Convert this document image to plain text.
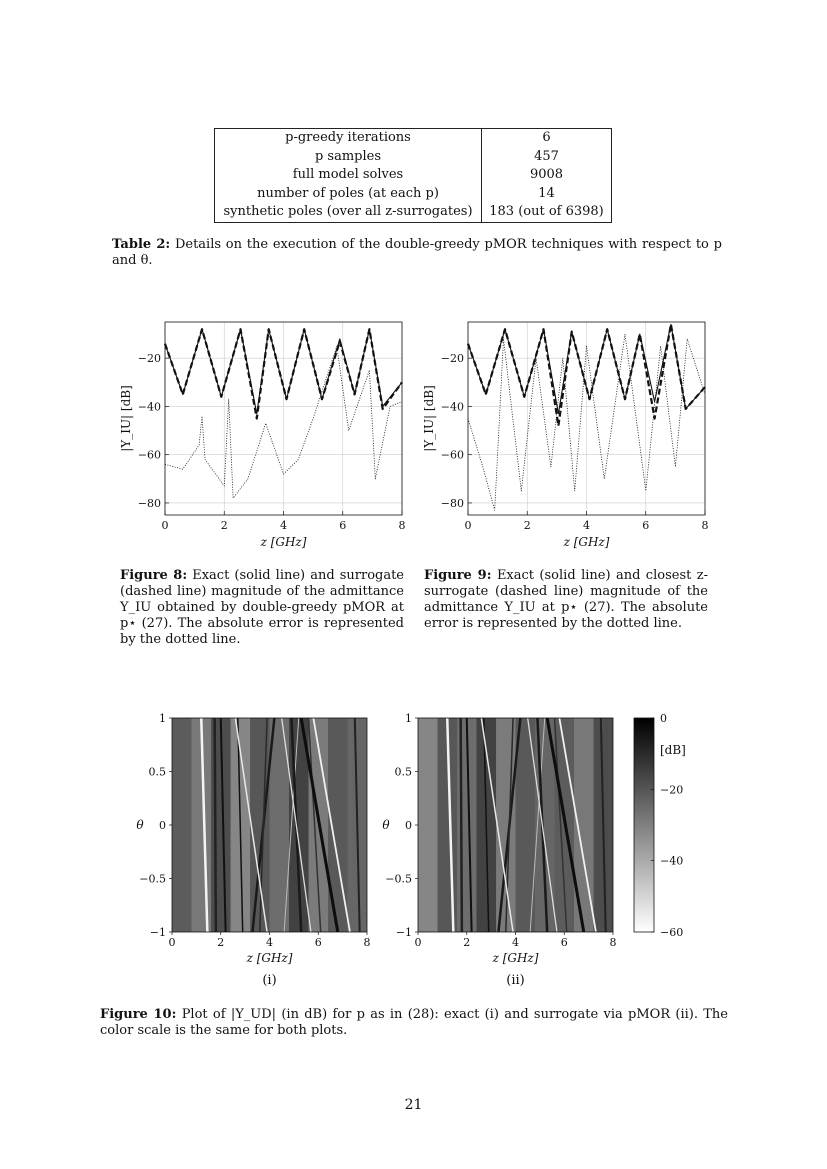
p-greedy iterations	6
p samples	457
full model solves	9008
number of poles (at each p)	14
synthetic poles (over all z-surrogates)	183 (out of 6398)
Table 2: Details on the execution of the double-greedy pMOR techniques with respect to p and θ.
0	2	4	6	8
−80
−60
−40
−20
z [GHz]
|Y_IU| [dB]
0	2	4	6	8
−80
−60
−40
−20
z [GHz]
|Y_IU| [dB]
Figure 8: Exact (solid line) and surrogate (dashed line) magnitude of the admittance Y_IU obtained by double-greedy pMOR at p⋆ (27). The absolute error is represented by the dotted line.
Figure 9: Exact (solid line) and closest z-surrogate (dashed line) magnitude of the admittance Y_IU at p⋆ (27). The absolute error is represented by the dotted line.
0	2	4	6	8
−1
−0.5
0
0.5
1
z [GHz]
θ
(i)
0	2	4	6	8
−1
−0.5
0
0.5
1
z [GHz]
θ
(ii)
0
−20
−40
−60
[dB]
Figure 10: Plot of |Y_UD| (in dB) for p as in (28): exact (i) and surrogate via pMOR (ii). The color scale is the same for both plots.
21
